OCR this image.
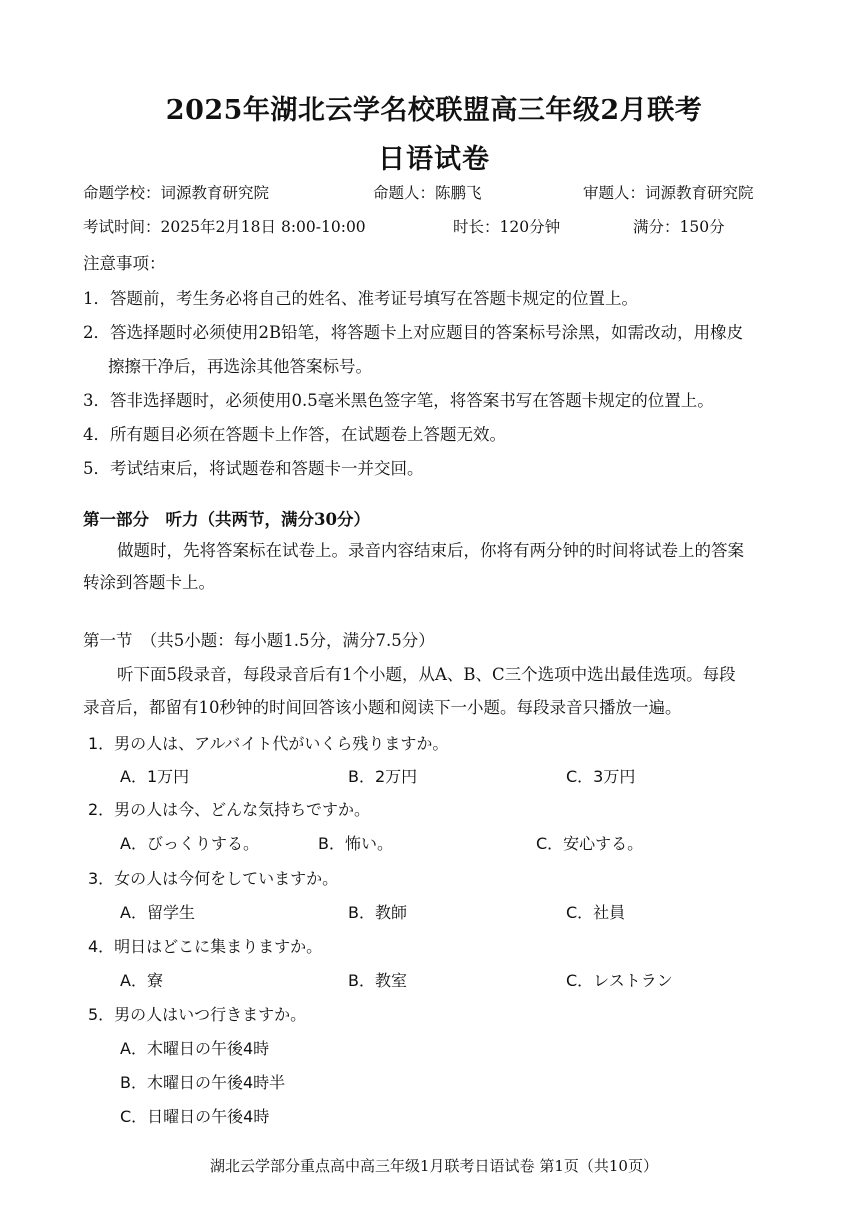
2025年湖北云学名校联盟高三年级2月联考
日语试卷
命题学校：词源教育研究院	命题人：陈鹏飞	审题人：词源教育研究院
考试时间：2025年2月18日 8:00-10:00	时长：120分钟	满分：150分
注意事项：
1．答题前，考生务必将自己的姓名、准考证号填写在答题卡规定的位置上。
2．答选择题时必须使用2B铅笔，将答题卡上对应题目的答案标号涂黑，如需改动，用橡皮
擦擦干净后，再选涂其他答案标号。
3．答非选择题时，必须使用0.5毫米黑色签字笔，将答案书写在答题卡规定的位置上。
4．所有题目必须在答题卡上作答，在试题卷上答题无效。
5．考试结束后，将试题卷和答题卡一并交回。
第一部分　听力（共两节，满分30分）
做题时，先将答案标在试卷上。录音内容结束后，你将有两分钟的时间将试卷上的答案
转涂到答题卡上。
第一节　（共5小题：每小题1.5分，满分7.5分）
听下面5段录音，每段录音后有1个小题，从A、B、C三个选项中选出最佳选项。每段
录音后，都留有10秒钟的时间回答该小题和阅读下一小题。每段录音只播放一遍。
1．男の人は、アルバイト代がいくら残りますか。
A．1万円	B．2万円	C．3万円
2．男の人は今、どんな気持ちですか。
A．びっくりする。	B．怖い。	C．安心する。
3．女の人は今何をしていますか。
A．留学生	B．教師	C．社員
4．明日はどこに集まりますか。
A．寮	B．教室	C．レストラン
5．男の人はいつ行きますか。
A．木曜日の午後4時
B．木曜日の午後4時半
C．日曜日の午後4時
湖北云学部分重点高中高三年级1月联考日语试卷 第1页（共10页）
